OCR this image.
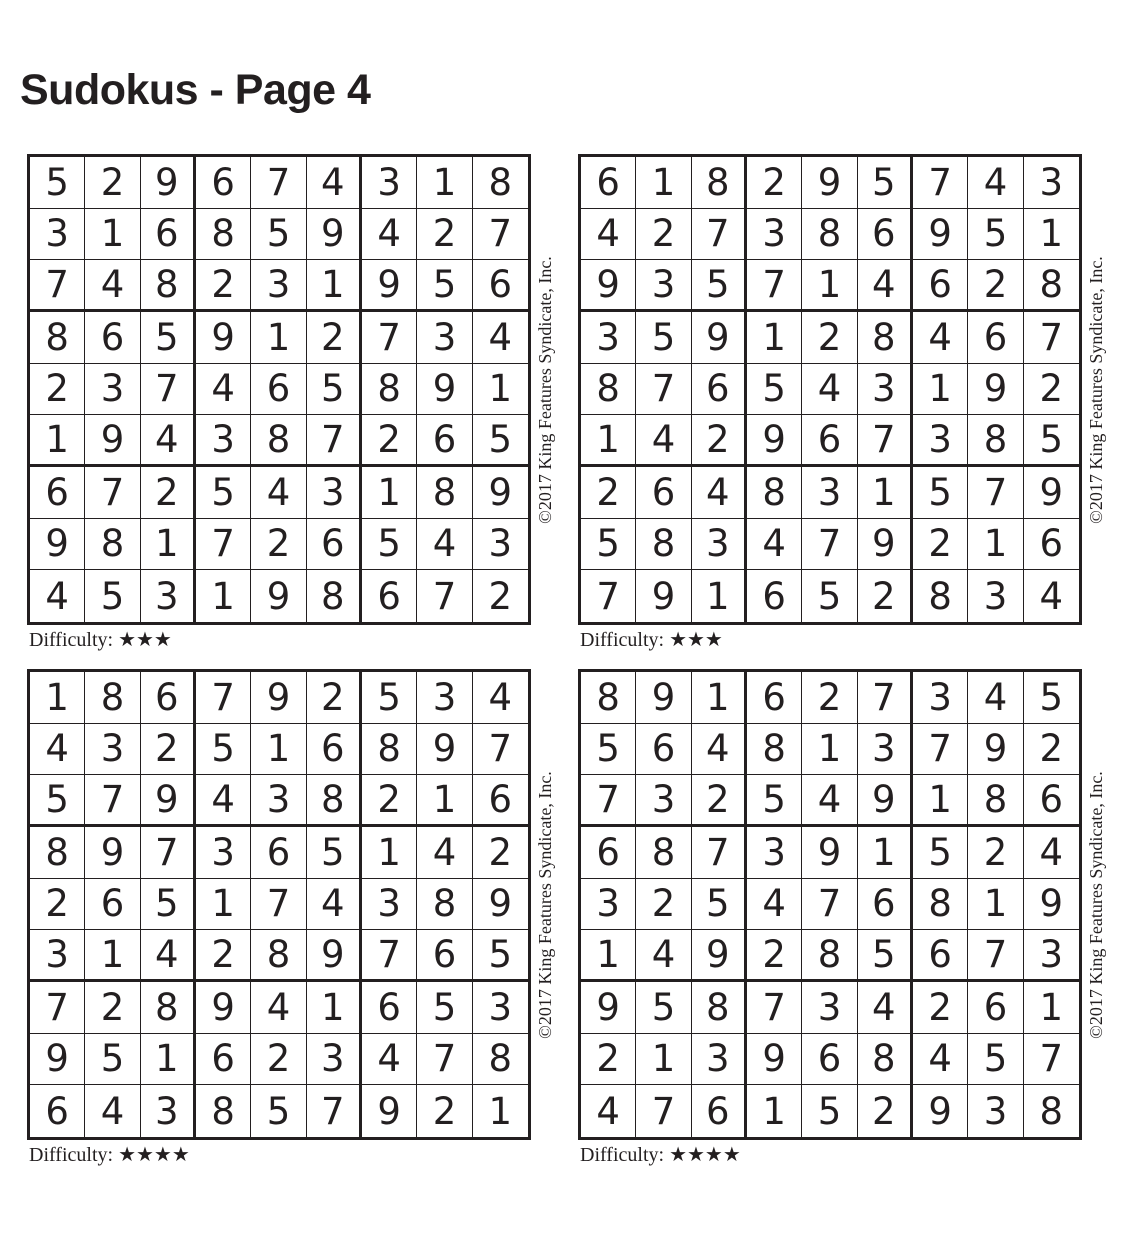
Sudokus - Page 4
5 2 9 6 7 4 3 1 8
3 1 6 8 5 9 4 2 7
7 4 8 2 3 1 9 5 6
8 6 5 9 1 2 7 3 4
2 3 7 4 6 5 8 9 1
1 9 4 3 8 7 2 6 5
6 7 2 5 4 3 1 8 9
9 8 1 7 2 6 5 4 3
4 5 3 1 9 8 6 7 2
©2017 King Features Syndicate, Inc.
Difficulty: ★★★
6 1 8 2 9 5 7 4 3
4 2 7 3 8 6 9 5 1
9 3 5 7 1 4 6 2 8
3 5 9 1 2 8 4 6 7
8 7 6 5 4 3 1 9 2
1 4 2 9 6 7 3 8 5
2 6 4 8 3 1 5 7 9
5 8 3 4 7 9 2 1 6
7 9 1 6 5 2 8 3 4
©2017 King Features Syndicate, Inc.
Difficulty: ★★★
1 8 6 7 9 2 5 3 4
4 3 2 5 1 6 8 9 7
5 7 9 4 3 8 2 1 6
8 9 7 3 6 5 1 4 2
2 6 5 1 7 4 3 8 9
3 1 4 2 8 9 7 6 5
7 2 8 9 4 1 6 5 3
9 5 1 6 2 3 4 7 8
6 4 3 8 5 7 9 2 1
©2017 King Features Syndicate, Inc.
Difficulty: ★★★★
8 9 1 6 2 7 3 4 5
5 6 4 8 1 3 7 9 2
7 3 2 5 4 9 1 8 6
6 8 7 3 9 1 5 2 4
3 2 5 4 7 6 8 1 9
1 4 9 2 8 5 6 7 3
9 5 8 7 3 4 2 6 1
2 1 3 9 6 8 4 5 7
4 7 6 1 5 2 9 3 8
©2017 King Features Syndicate, Inc.
Difficulty: ★★★★
